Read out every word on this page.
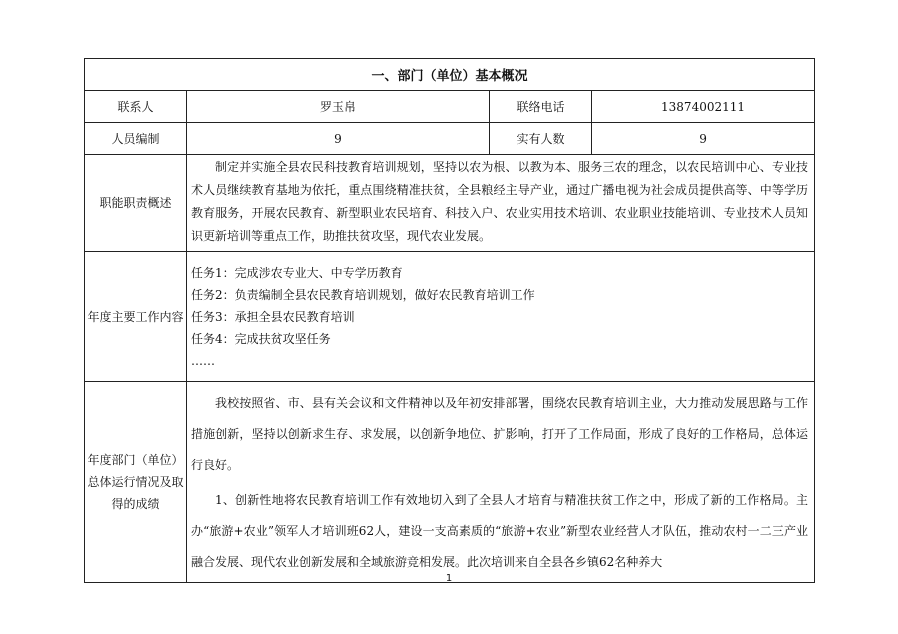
一、部门（单位）基本概况			
联系人	罗玉帛	联络电话	13874002111
人员编制	9	实有人数	9
职能职责概述	制定并实施全县农民科技教育培训规划，坚持以农为根、以教为本、服务三农的理念，以农民培训中心、专业技术人员继续教育基地为依托，重点围绕精准扶贫，全县粮经主导产业，通过广播电视为社会成员提供高等、中等学历教育服务，开展农民教育、新型职业农民培育、科技入户、农业实用技术培训、农业职业技能培训、专业技术人员知识更新培训等重点工作，助推扶贫攻坚，现代农业发展。		
年度主要工作内容	任务1：完成涉农专业大、中专学历教育
任务2：负责编制全县农民教育培训规划，做好农民教育培训工作
任务3：承担全县农民教育培训
任务4：完成扶贫攻坚任务
……		

年度部门（单位）总体运行情况及取得的成绩	我校按照省、市、县有关会议和文件精神以及年初安排部署，围绕农民教育培训主业，大力推动发展思路与工作措施创新，坚持以创新求生存、求发展，以创新争地位、扩影响，打开了工作局面，形成了良好的工作格局，总体运行良好。

1、创新性地将农民教育培训工作有效地切入到了全县人才培育与精准扶贫工作之中，形成了新的工作格局。主办“旅游+农业”领军人才培训班62人，建设一支高素质的“旅游+农业”新型农业经营人才队伍，推动农村一二三产业融合发展、现代农业创新发展和全域旅游竞相发展。此次培训来自全县各乡镇62名种养大		

1
